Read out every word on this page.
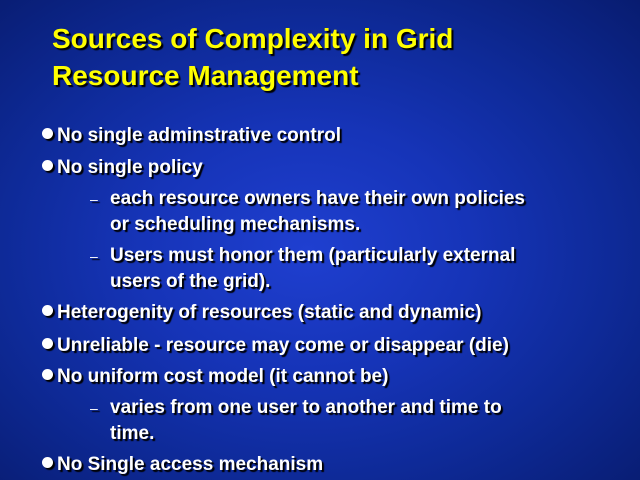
Sources of Complexity in Grid
Resource Management
No single adminstrative control
No single policy
– each resource owners have their own policies
or scheduling mechanisms.
– Users must honor them (particularly external
users of the grid).
Heterogenity of resources (static and dynamic)
Unreliable - resource may come or disappear (die)
No uniform cost model (it cannot be)
– varies from one user to another and time to
time.
No Single access mechanism
